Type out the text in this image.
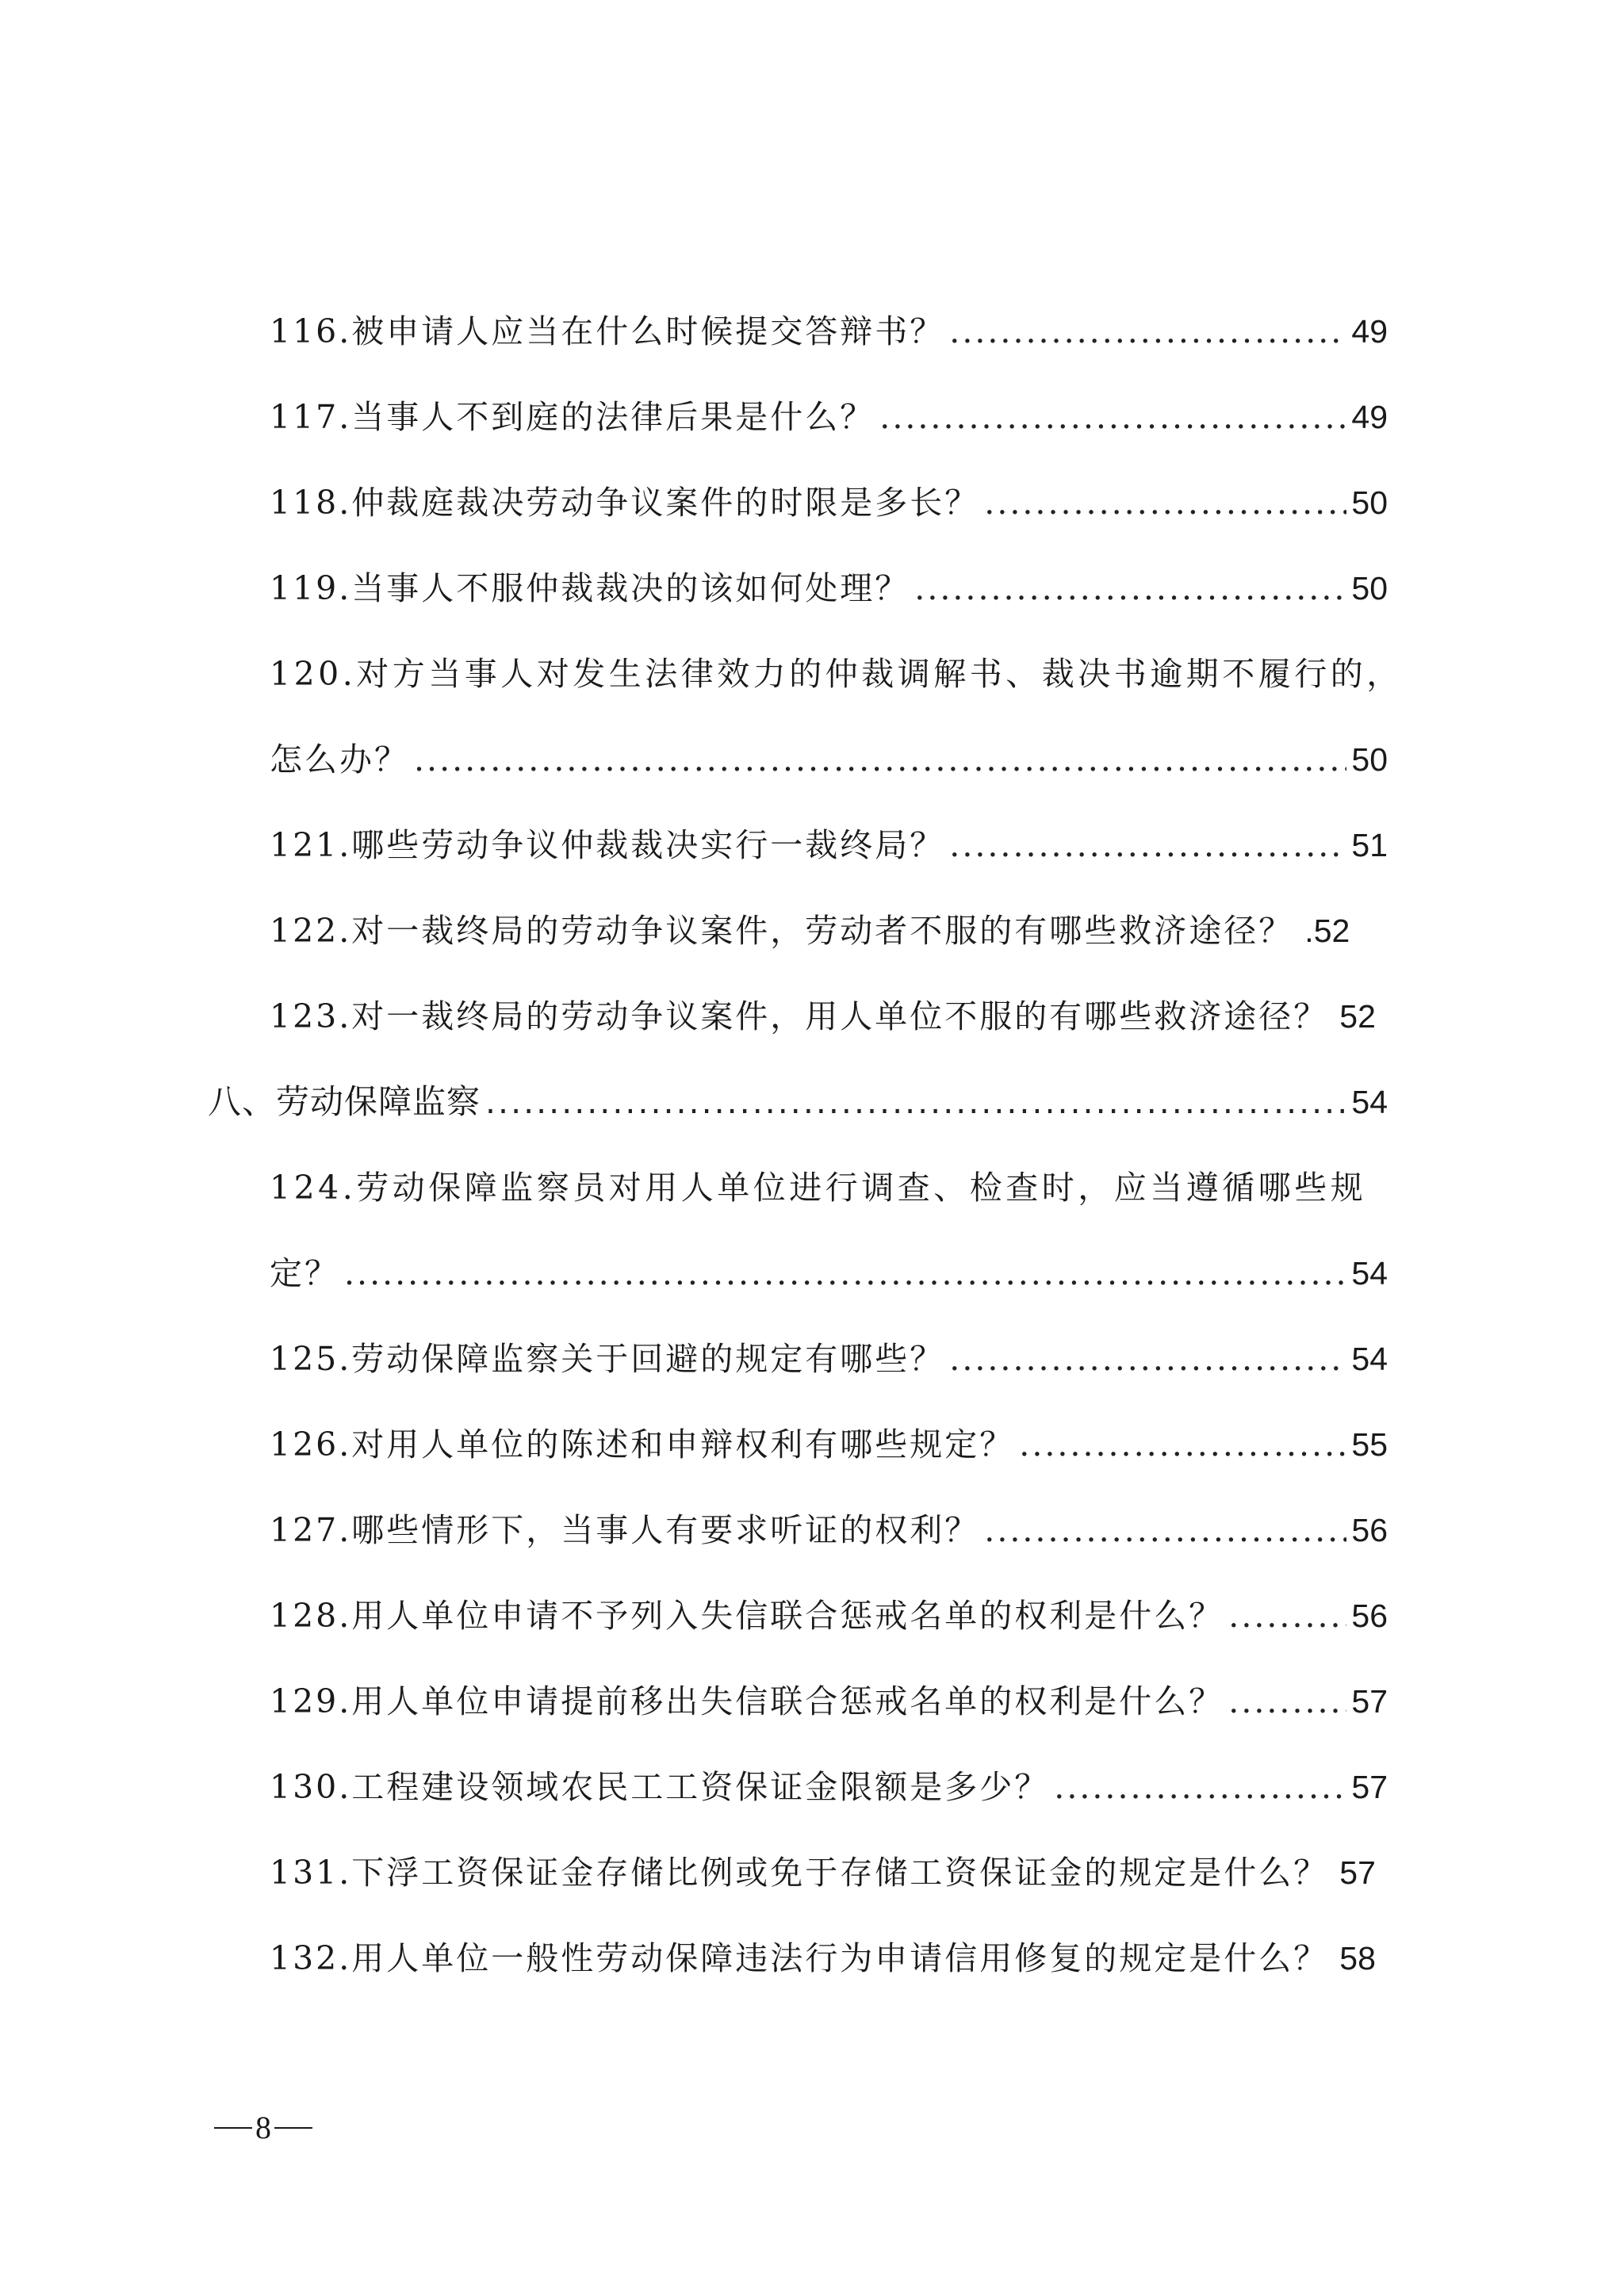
116.被申请人应当在什么时候提交答辩书？ .....	49
117.当事人不到庭的法律后果是什么？ .....	49
118.仲裁庭裁决劳动争议案件的时限是多长？ .....	50
119.当事人不服仲裁裁决的该如何处理？ .....	50
120.对方当事人对发生法律效力的仲裁调解书、裁决书逾期不履行的，
怎么办？ .....	50
121.哪些劳动争议仲裁裁决实行一裁终局？ .....	51
122.对一裁终局的劳动争议案件，劳动者不服的有哪些救济途径？ .52
123.对一裁终局的劳动争议案件，用人单位不服的有哪些救济途径？ 52
八、劳动保障监察 .....	54
124.劳动保障监察员对用人单位进行调查、检查时，应当遵循哪些规
定？ .....	54
125.劳动保障监察关于回避的规定有哪些？ .....	54
126.对用人单位的陈述和申辩权利有哪些规定？ .....	55
127.哪些情形下，当事人有要求听证的权利？ .....	56
128.用人单位申请不予列入失信联合惩戒名单的权利是什么？ .....	56
129.用人单位申请提前移出失信联合惩戒名单的权利是什么？ .....	57
130.工程建设领域农民工工资保证金限额是多少？ .....	57
131.下浮工资保证金存储比例或免于存储工资保证金的规定是什么？ 57
132.用人单位一般性劳动保障违法行为申请信用修复的规定是什么？ 58
8
